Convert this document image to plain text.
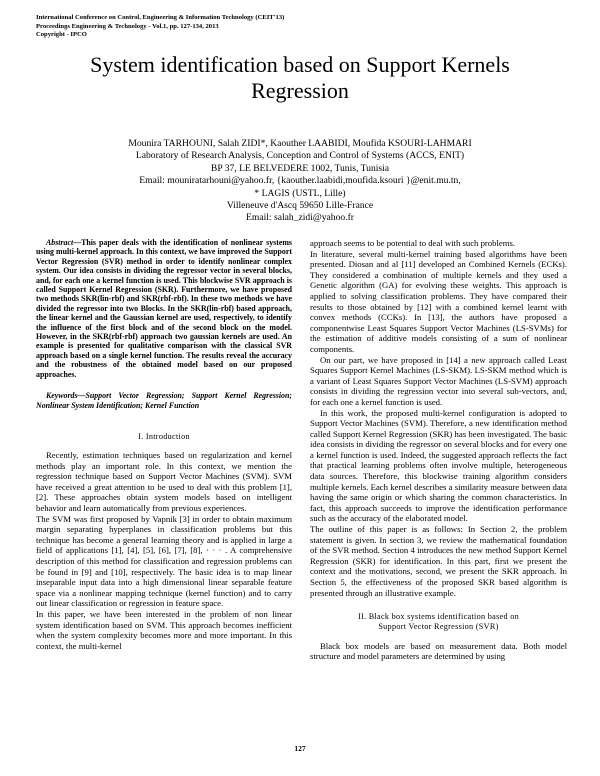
International Conference on Control, Engineering & Information Technology (CEIT'13)
Proceedings Engineering & Technology - Vol.1, pp. 127-134, 2013
Copyright - IPCO
System identification based on Support Kernels
Regression
Mounira TARHOUNI, Salah ZIDI*, Kaouther LAABIDI, Moufida KSOURI-LAHMARI
Laboratory of Research Analysis, Conception and Control of Systems (ACCS, ENIT)
BP 37, LE BELVEDERE 1002, Tunis, Tunisia
Email: mouniratarhouni@yahoo.fr, {kaouther.laabidi,moufida.ksouri }@enit.mu.tn,
* LAGIS (USTL, Lille)
Villeneuve d'Ascq 59650 Lille-France
Email: salah_zidi@yahoo.fr

Abstract—This paper deals with the identification of nonlinear systems using multi-kernel approach. In this context, we have improved the Support Vector Regression (SVR) method in order to identify nonlinear complex system. Our idea consists in dividing the regressor vector in several blocks, and, for each one a kernel function is used. This blockwise SVR approach is called Support Kernel Regression (SKR). Furthermore, we have proposed two methods SKR(lin-rbf) and SKR(rbf-rbf). In these two methods we have divided the regressor into two Blocks. In the SKR(lin-rbf) based approach, the linear kernel and the Gaussian kernel are used, respectively, to identify the influence of the first block and of the second block on the model. However, in the SKR(rbf-rbf) approach two gaussian kernels are used. An example is presented for qualitative comparison with the classical SVR approach based on a single kernel function. The results reveal the accuracy and the robustness of the obtained model based on our proposed approaches.

Keywords—Support Vector Regression; Support Kernel Regression; Nonlinear System Identification; Kernel Function

I. Introduction

Recently, estimation techniques based on regularization and kernel methods play an important role. In this context, we mention the regression technique based on Support Vector Machines (SVM). SVM have received a great attention to be used to deal with this problem [1], [2]. These approaches obtain system models based on intelligent behavior and learn automatically from previous experiences.

The SVM was first proposed by Vapnik [3] in order to obtain maximum margin separating hyperplanes in classification problems but this technique has become a general learning theory and is applied in large a field of applications [1], [4], [5], [6], [7], [8], · · · . A comprehensive description of this method for classification and regression problems can be found in [9] and [10], respectively. The basic idea is to map linear inseparable input data into a high dimensional linear separable feature space via a nonlinear mapping technique (kernel function) and to carry out linear classification or regression in feature space.

In this paper, we have been interested in the problem of non linear system identification based on SVM. This approach becomes inefficient when the system complexity becomes more and more important. In this context, the multi-kernel

approach seems to be potential to deal with such problems.

In literature, several multi-kernel training based algorithms have been presented. Diosan and al [11] developed an Combined Kernels (ECKs). They considered a combination of multiple kernels and they used a Genetic algorithm (GA) for evolving these weights. This approach is applied to solving classification problems. They have compared their results to those obtained by [12] with a combined kernel learnt with convex methods (CCKs). In [13], the authors have proposed a componentwise Least Squares Support Vector Machines (LS-SVMs) for the estimation of additive models consisting of a sum of nonlinear components.

On our part, we have proposed in [14] a new approach called Least Squares Support Kernel Machines (LS-SKM). LS-SKM method which is a variant of Least Squares Support Vector Machines (LS-SVM) approach consists in dividing the regression vector into several sub-vectors, and, for each one a kernel function is used.

In this work, the proposed multi-kernel configuration is adopted to Support Vector Machines (SVM). Therefore, a new identification method called Support Kernel Regression (SKR) has been investigated. The basic idea consists in dividing the regressor on several blocks and for every one a kernel function is used. Indeed, the suggested approach reflects the fact that practical learning problems often involve multiple, heterogeneous data sources. Therefore, this blockwise training algorithm considers multiple kernels. Each kernel describes a similarity measure between data having the same origin or which sharing the common characteristics. In fact, this approach succeeds to improve the identification performance such as the accuracy of the elaborated model.

The outline of this paper is as follows: In Section 2, the problem statement is given. In section 3, we review the mathematical foundation of the SVR method. Section 4 introduces the new method Support Kernel Regression (SKR) for identification. In this part, first we present the context and the motivations, second, we present the SKR approach. In Section 5, the effectiveness of the proposed SKR based algorithm is presented through an illustrative example.

II. Black box systems identification based on
Support Vector Regression (SVR)

Black box models are based on measurement data. Both model structure and model parameters are determined by using

127
